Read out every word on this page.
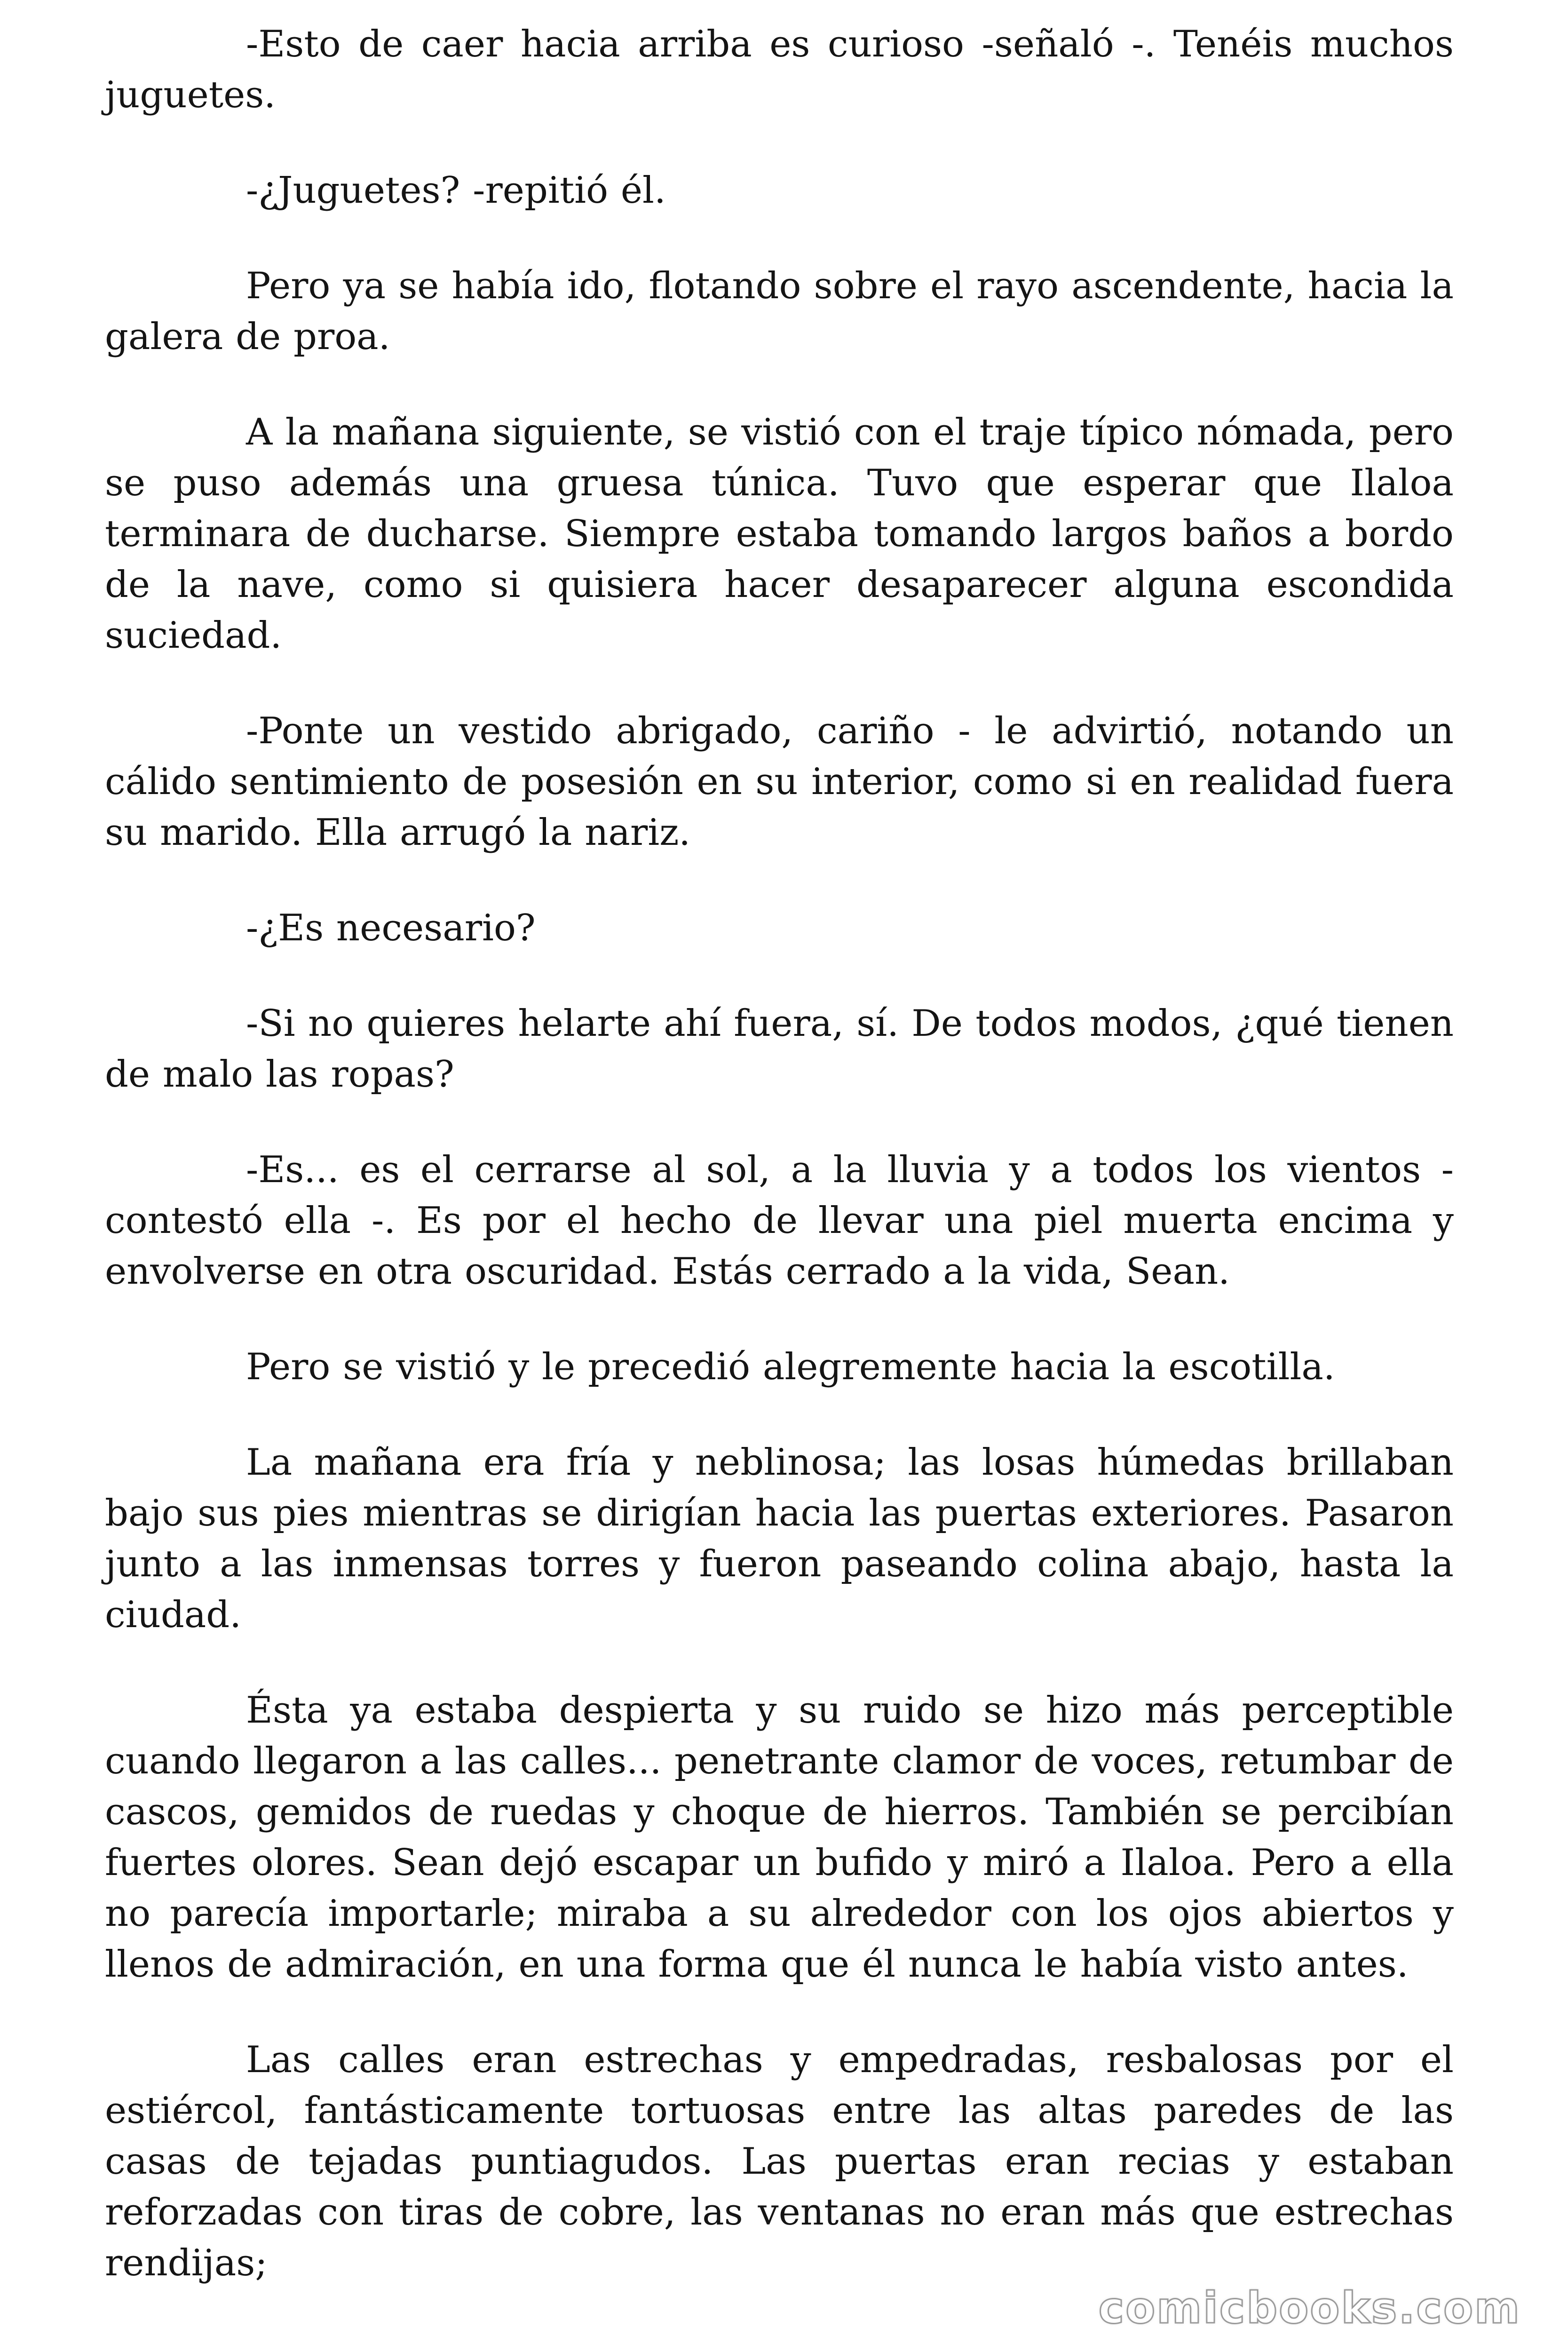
-Esto de caer hacia arriba es curioso -señaló -. Tenéis muchos juguetes.

-¿Juguetes? -repitió él.

Pero ya se había ido, flotando sobre el rayo ascendente, hacia la galera de proa.

A la mañana siguiente, se vistió con el traje típico nómada, pero se puso además una gruesa túnica. Tuvo que esperar que Ilaloa terminara de ducharse. Siempre estaba tomando largos baños a bordo de la nave, como si quisiera hacer desaparecer alguna escondida suciedad.

-Ponte un vestido abrigado, cariño - le advirtió, notando un cálido sentimiento de posesión en su interior, como si en realidad fuera su marido. Ella arrugó la nariz.

-¿Es necesario?

-Si no quieres helarte ahí fuera, sí. De todos modos, ¿qué tienen de malo las ropas?

-Es... es el cerrarse al sol, a la lluvia y a todos los vientos - contestó ella -. Es por el hecho de llevar una piel muerta encima y envolverse en otra oscuridad. Estás cerrado a la vida, Sean.

Pero se vistió y le precedió alegremente hacia la escotilla.

La mañana era fría y neblinosa; las losas húmedas brillaban bajo sus pies mientras se dirigían hacia las puertas exteriores. Pasaron junto a las inmensas torres y fueron paseando colina abajo, hasta la ciudad.

Ésta ya estaba despierta y su ruido se hizo más perceptible cuando llegaron a las calles... penetrante clamor de voces, retumbar de cascos, gemidos de ruedas y choque de hierros. También se percibían fuertes olores. Sean dejó escapar un bufido y miró a Ilaloa. Pero a ella no parecía importarle; miraba a su alrededor con los ojos abiertos y llenos de admiración, en una forma que él nunca le había visto antes.

Las calles eran estrechas y empedradas, resbalosas por el estiércol, fantásticamente tortuosas entre las altas paredes de las casas de tejadas puntiagudos. Las puertas eran recias y estaban reforzadas con tiras de cobre, las ventanas no eran más que estrechas rendijas;

comicbooks.com
